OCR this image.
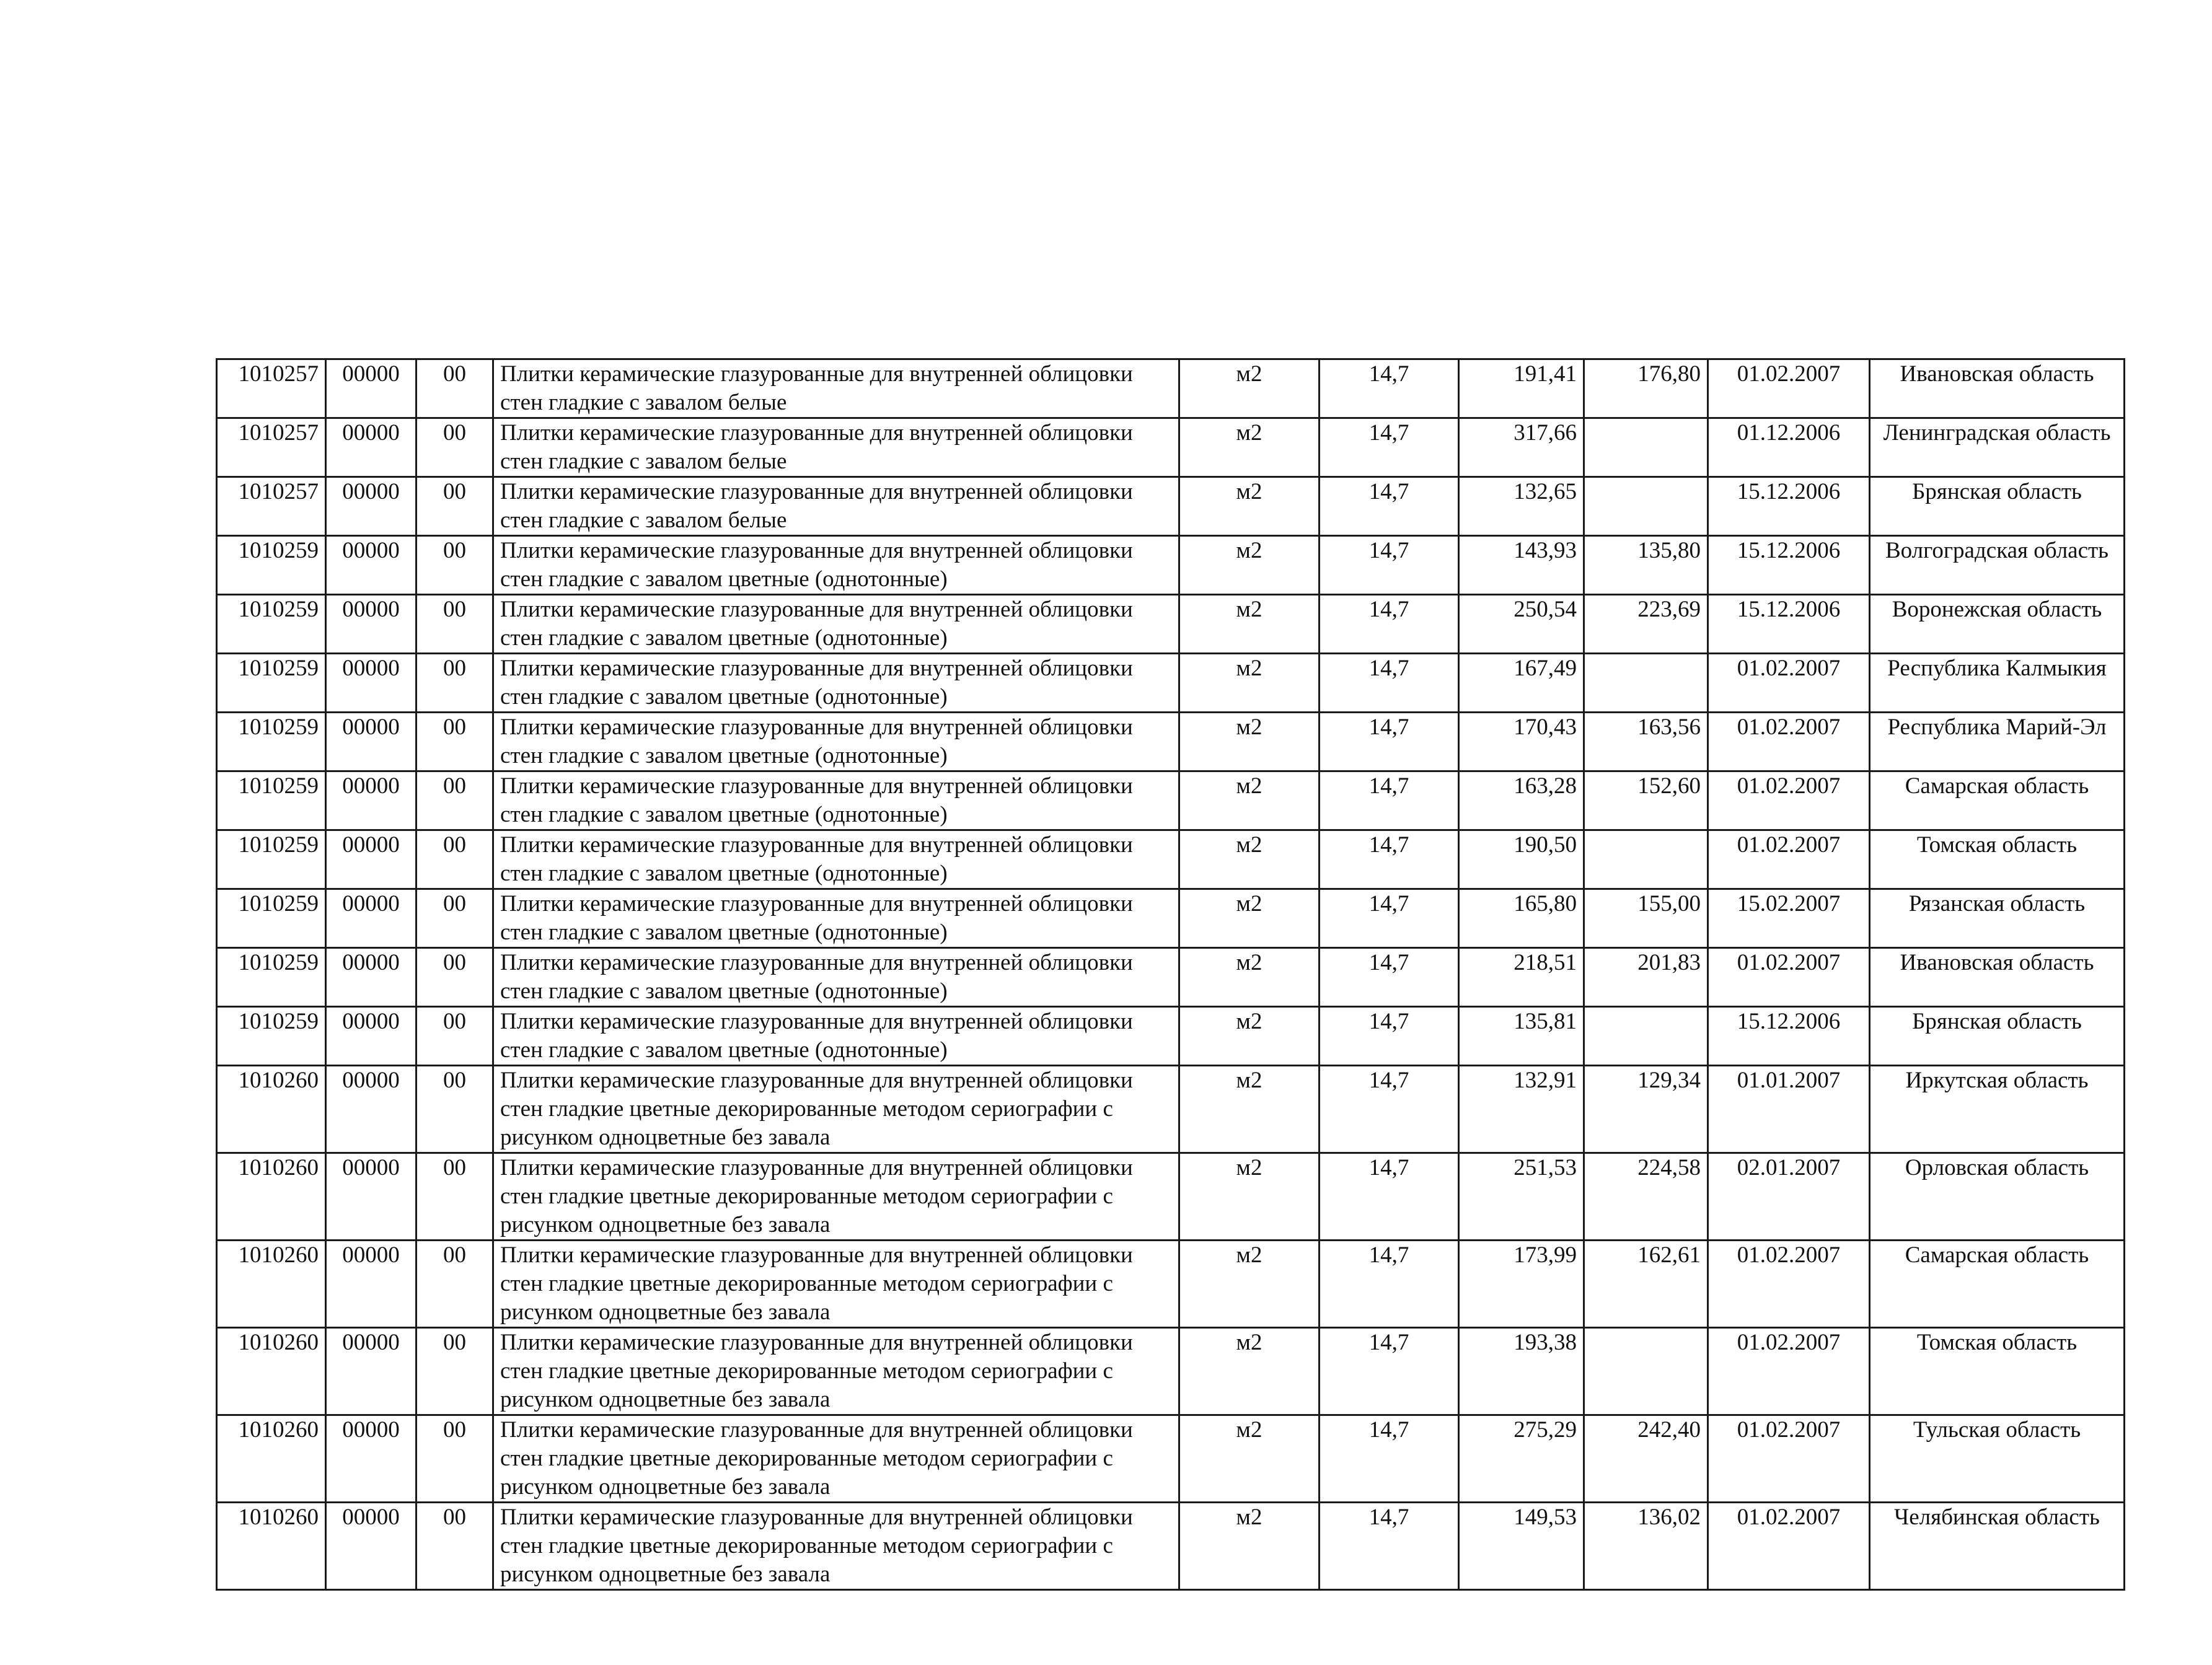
1010257	00000	00	Плитки керамические глазурованные для внутренней облицовки стен гладкие с завалом белые	м2	14,7	191,41	176,80	01.02.2007	Ивановская область
1010257	00000	00	Плитки керамические глазурованные для внутренней облицовки стен гладкие с завалом белые	м2	14,7	317,66		01.12.2006	Ленинградская область
1010257	00000	00	Плитки керамические глазурованные для внутренней облицовки стен гладкие с завалом белые	м2	14,7	132,65		15.12.2006	Брянская область
1010259	00000	00	Плитки керамические глазурованные для внутренней облицовки стен гладкие с завалом цветные (однотонные)	м2	14,7	143,93	135,80	15.12.2006	Волгоградская область
1010259	00000	00	Плитки керамические глазурованные для внутренней облицовки стен гладкие с завалом цветные (однотонные)	м2	14,7	250,54	223,69	15.12.2006	Воронежская область
1010259	00000	00	Плитки керамические глазурованные для внутренней облицовки стен гладкие с завалом цветные (однотонные)	м2	14,7	167,49		01.02.2007	Республика Калмыкия
1010259	00000	00	Плитки керамические глазурованные для внутренней облицовки стен гладкие с завалом цветные (однотонные)	м2	14,7	170,43	163,56	01.02.2007	Республика Марий-Эл
1010259	00000	00	Плитки керамические глазурованные для внутренней облицовки стен гладкие с завалом цветные (однотонные)	м2	14,7	163,28	152,60	01.02.2007	Самарская область
1010259	00000	00	Плитки керамические глазурованные для внутренней облицовки стен гладкие с завалом цветные (однотонные)	м2	14,7	190,50		01.02.2007	Томская область
1010259	00000	00	Плитки керамические глазурованные для внутренней облицовки стен гладкие с завалом цветные (однотонные)	м2	14,7	165,80	155,00	15.02.2007	Рязанская область
1010259	00000	00	Плитки керамические глазурованные для внутренней облицовки стен гладкие с завалом цветные (однотонные)	м2	14,7	218,51	201,83	01.02.2007	Ивановская область
1010259	00000	00	Плитки керамические глазурованные для внутренней облицовки стен гладкие с завалом цветные (однотонные)	м2	14,7	135,81		15.12.2006	Брянская область
1010260	00000	00	Плитки керамические глазурованные для внутренней облицовки стен гладкие цветные декорированные методом сериографии с рисунком одноцветные без завала	м2	14,7	132,91	129,34	01.01.2007	Иркутская область
1010260	00000	00	Плитки керамические глазурованные для внутренней облицовки стен гладкие цветные декорированные методом сериографии с рисунком одноцветные без завала	м2	14,7	251,53	224,58	02.01.2007	Орловская область
1010260	00000	00	Плитки керамические глазурованные для внутренней облицовки стен гладкие цветные декорированные методом сериографии с рисунком одноцветные без завала	м2	14,7	173,99	162,61	01.02.2007	Самарская область
1010260	00000	00	Плитки керамические глазурованные для внутренней облицовки стен гладкие цветные декорированные методом сериографии с рисунком одноцветные без завала	м2	14,7	193,38		01.02.2007	Томская область
1010260	00000	00	Плитки керамические глазурованные для внутренней облицовки стен гладкие цветные декорированные методом сериографии с рисунком одноцветные без завала	м2	14,7	275,29	242,40	01.02.2007	Тульская область
1010260	00000	00	Плитки керамические глазурованные для внутренней облицовки стен гладкие цветные декорированные методом сериографии с рисунком одноцветные без завала	м2	14,7	149,53	136,02	01.02.2007	Челябинская область
